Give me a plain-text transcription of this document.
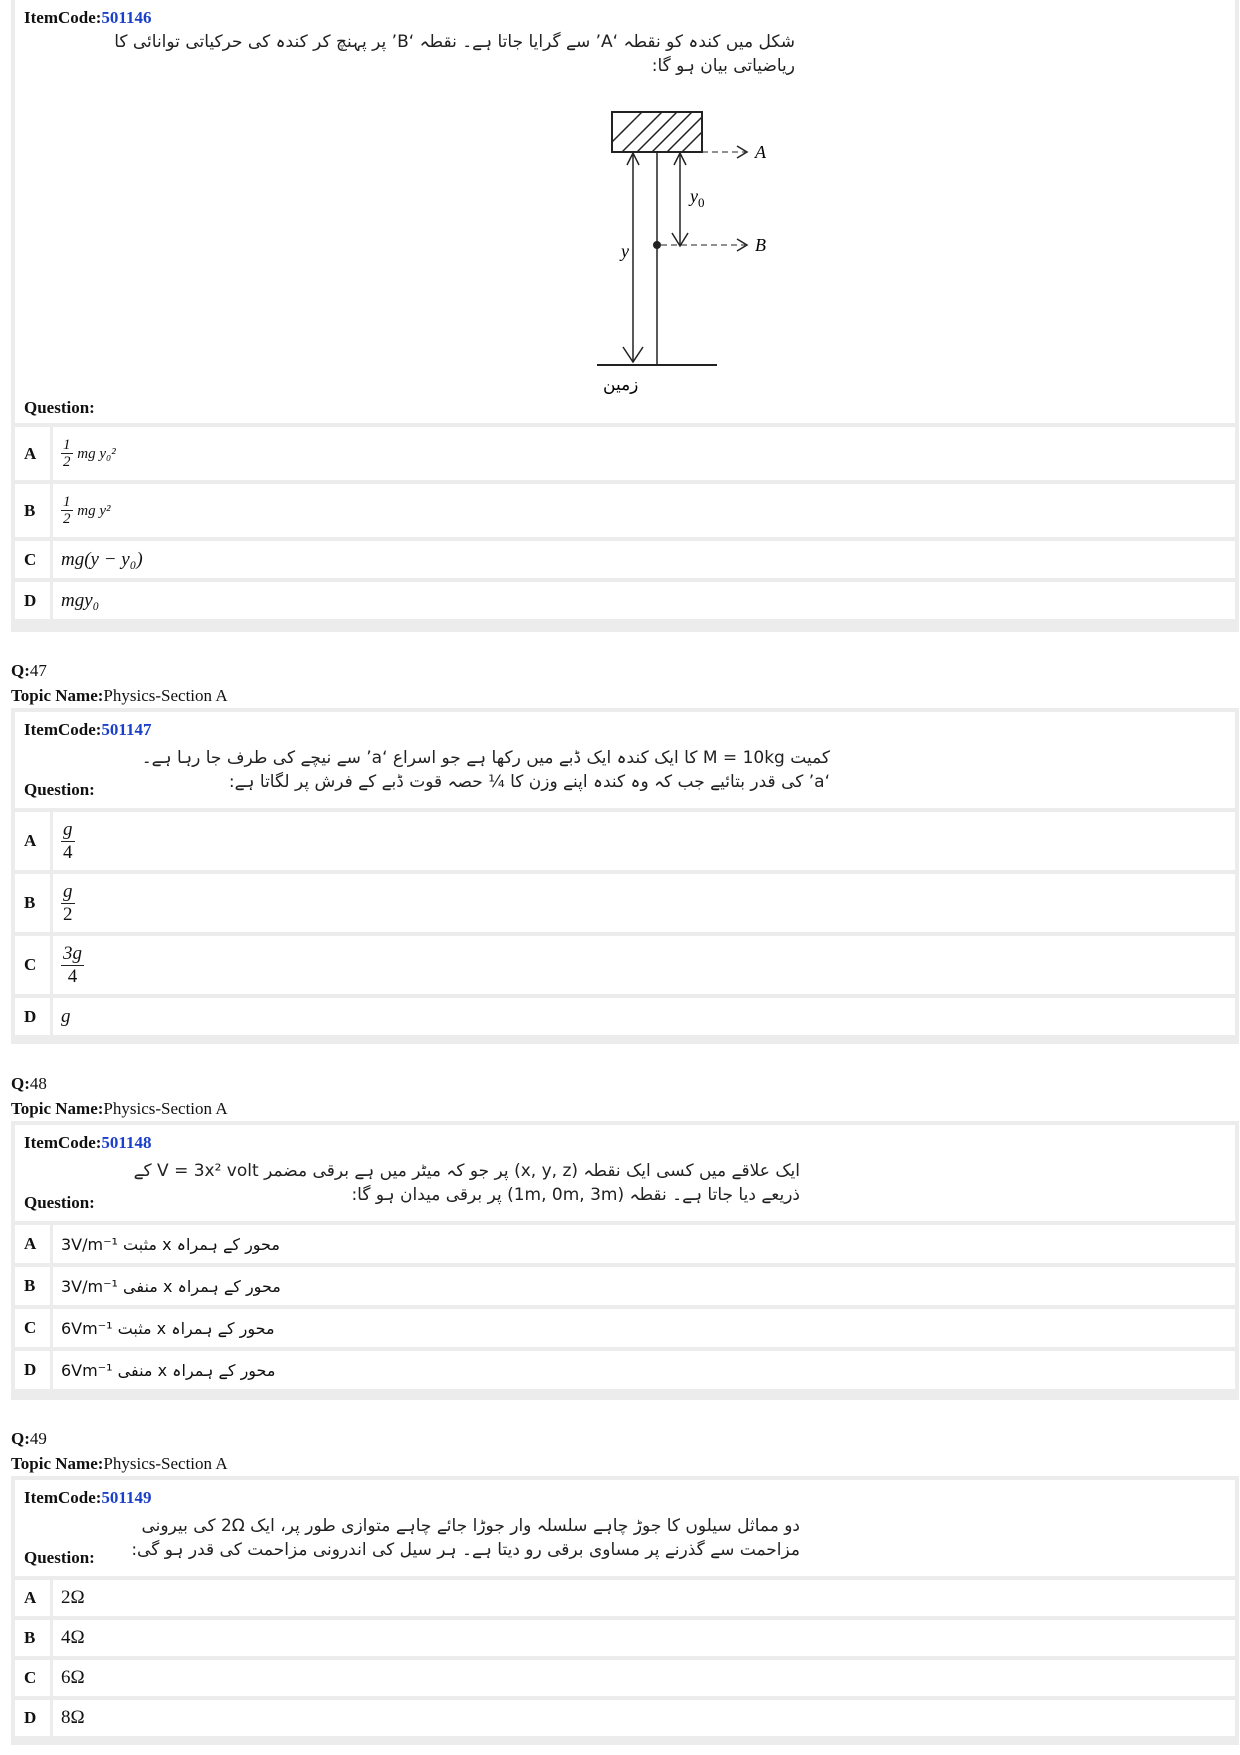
ItemCode:501146
شکل میں کندہ کو نقطہ ‘A’ سے گرایا جاتا ہے۔ نقطہ ‘B’ پر پہنچ کر کندہ کی حرکیاتی توانائی کا
ریاضیاتی بیان ہو گا:
A
y
$y_0$
B
زمین
Question:
A	$\frac{1}{2}$ mg y₀²
B	$\frac{1}{2}$ mg y²
C	mg(y − y₀)
D	mgy₀
Q:47
Topic Name:Physics-Section A
ItemCode:501147
کمیت M = 10kg کا ایک کندہ ایک ڈبے میں رکھا ہے جو اسراع ‘a’ سے نیچے کی طرف جا رہا ہے۔
‘a’ کی قدر بتائیے جب کہ وہ کندہ اپنے وزن کا ¼ حصہ قوت ڈبے کے فرش پر لگاتا ہے:
Question:
A	$\frac{g}{4}$
B	$\frac{g}{2}$
C	$\frac{3g}{4}$
D	g
Q:48
Topic Name:Physics-Section A
ItemCode:501148
ایک علاقے میں کسی ایک نقطہ (x, y, z) پر جو کہ میٹر میں ہے برقی مضمر V = 3x² volt کے
ذریعے دیا جاتا ہے۔ نقطہ (1m, 0m, 3m) پر برقی میدان ہو گا:
Question:
A	3V/m⁻¹ مثبت x محور کے ہمراہ
B	3V/m⁻¹ منفی x محور کے ہمراہ
C	6Vm⁻¹ مثبت x محور کے ہمراہ
D	6Vm⁻¹ منفی x محور کے ہمراہ
Q:49
Topic Name:Physics-Section A
ItemCode:501149
دو مماثل سیلوں کا جوڑ چاہے سلسلہ وار جوڑا جائے چاہے متوازی طور پر، ایک 2Ω کی بیرونی
مزاحمت سے گذرنے پر مساوی برقی رو دیتا ہے۔ ہر سیل کی اندرونی مزاحمت کی قدر ہو گی:
Question:
A	2Ω
B	4Ω
C	6Ω
D	8Ω
